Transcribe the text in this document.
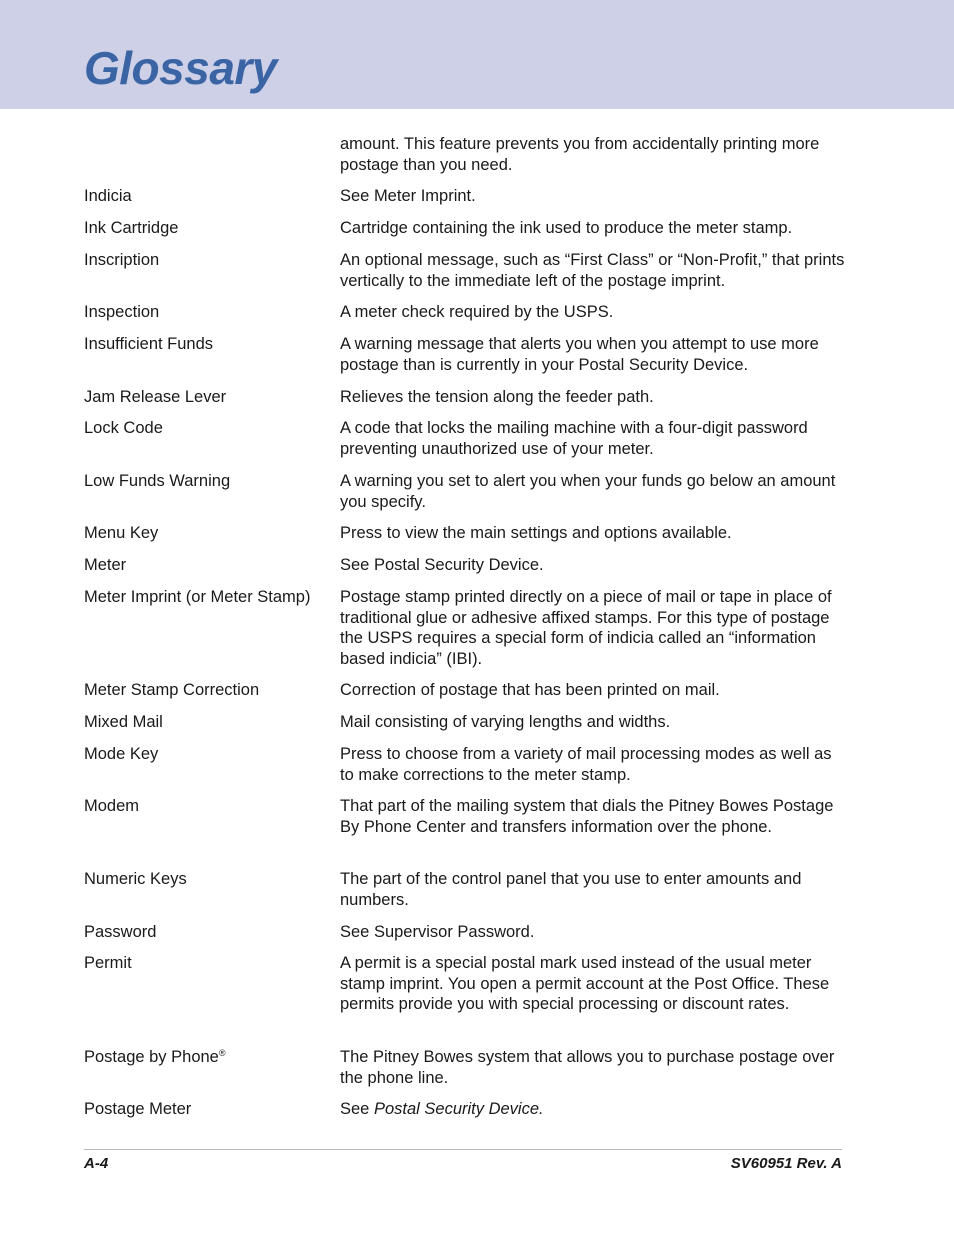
Glossary
amount. This feature prevents you from accidentally printing more postage than you need.
Indicia	See Meter Imprint.
Ink Cartridge	Cartridge containing the ink used to produce the meter stamp.
Inscription	An optional message, such as “First Class” or “Non-Profit,” that prints vertically to the immediate left of the postage imprint.
Inspection	A meter check required by the USPS.
Insufficient Funds	A warning message that alerts you when you attempt to use more postage than is currently in your Postal Security Device.
Jam Release Lever	Relieves the tension along the feeder path.
Lock Code	A code that locks the mailing machine with a four-digit password preventing unauthorized use of your meter.
Low Funds Warning	A warning you set to alert you when your funds go below an amount you specify.
Menu Key	Press to view the main settings and options available.
Meter	See Postal Security Device.
Meter Imprint (or Meter Stamp)	Postage stamp printed directly on a piece of mail or tape in place of traditional glue or adhesive affixed stamps. For this type of postage the USPS requires a special form of indicia called an “information based indicia” (IBI).
Meter Stamp Correction	Correction of postage that has been printed on mail.
Mixed Mail	Mail consisting of varying lengths and widths.
Mode Key	Press to choose from a variety of mail processing modes as well as to make corrections to the meter stamp.
Modem	That part of the mailing system that dials the Pitney Bowes Postage By Phone Center and transfers information over the phone.
Numeric Keys	The part of the control panel that you use to enter amounts and numbers.
Password	See Supervisor Password.
Permit	A permit is a special postal mark used instead of the usual meter stamp imprint. You open a permit account at the Post Office. These permits provide you with special processing or discount rates.
Postage by Phone®	The Pitney Bowes system that allows you to purchase postage over the phone line.
Postage Meter	See Postal Security Device.
A-4	SV60951 Rev. A
